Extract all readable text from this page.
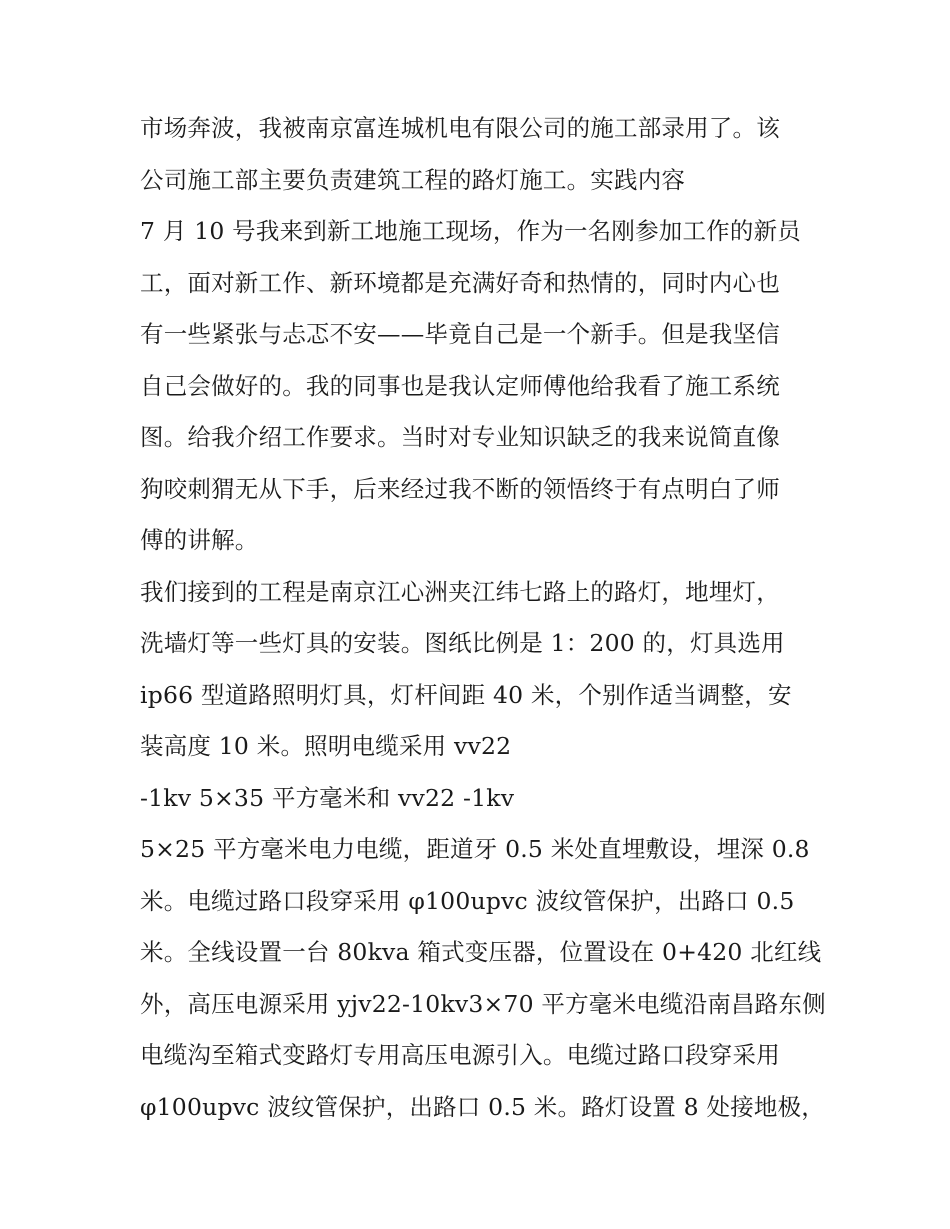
市场奔波，我被南京富连城机电有限公司的施工部录用了。该
公司施工部主要负责建筑工程的路灯施工。实践内容
7 月 10 号我来到新工地施工现场，作为一名刚参加工作的新员
工，面对新工作、新环境都是充满好奇和热情的，同时内心也
有一些紧张与忐忑不安——毕竟自己是一个新手。但是我坚信
自己会做好的。我的同事也是我认定师傅他给我看了施工系统
图。给我介绍工作要求。当时对专业知识缺乏的我来说简直像
狗咬刺猬无从下手，后来经过我不断的领悟终于有点明白了师
傅的讲解。
我们接到的工程是南京江心洲夹江纬七路上的路灯，地埋灯，
洗墙灯等一些灯具的安装。图纸比例是 1：200 的，灯具选用
ip66 型道路照明灯具，灯杆间距 40 米，个别作适当调整，安
装高度 10 米。照明电缆采用 vv22
-1kv 5×35 平方毫米和 vv22 -1kv
5×25 平方毫米电力电缆，距道牙 0.5 米处直埋敷设，埋深 0.8
米。电缆过路口段穿采用 φ100upvc 波纹管保护，出路口 0.5
米。全线设置一台 80kva 箱式变压器，位置设在 0+420 北红线
外，高压电源采用 yjv22-10kv3×70 平方毫米电缆沿南昌路东侧
电缆沟至箱式变路灯专用高压电源引入。电缆过路口段穿采用
φ100upvc 波纹管保护，出路口 0.5 米。路灯设置 8 处接地极，
